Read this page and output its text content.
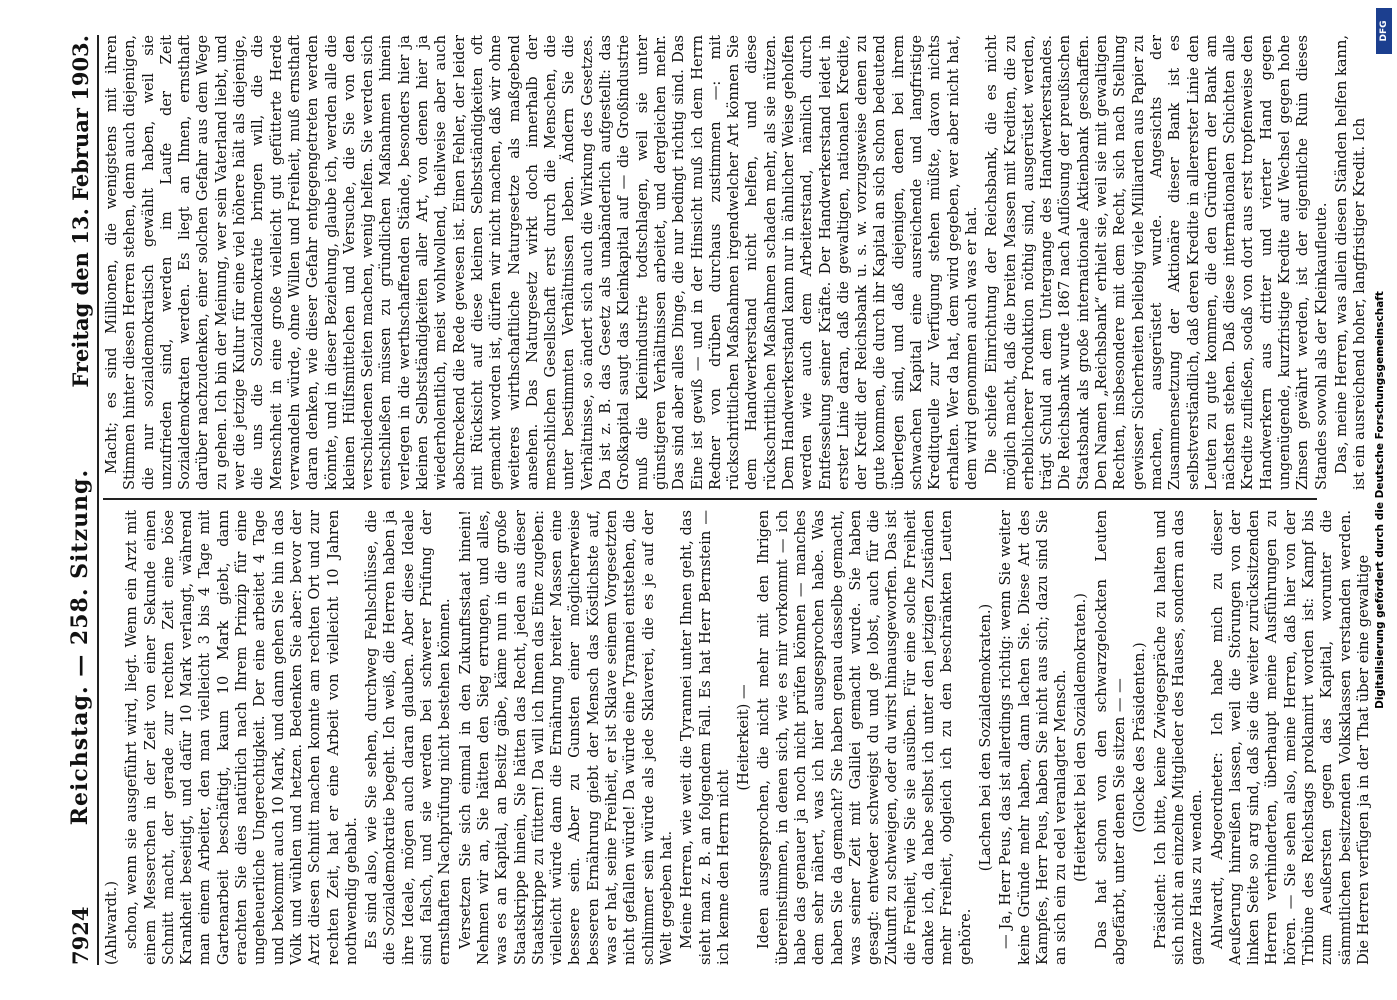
7924
Reichstag. — 258. Sitzung.
Freitag den 13. Februar 1903.

(Ahlwardt.) schon, wenn sie ausgeführt wird, liegt. Wenn ein Arzt mit einem Messerchen in der Zeit von einer Sekunde einen Schnitt macht, der gerade zur rechten Zeit eine böse Krankheit beseitigt, und dafür 10 Mark verlangt, während man einem Arbeiter, den man vielleicht 3 bis 4 Tage mit Gartenarbeit beschäftigt, kaum 10 Mark giebt, dann erachten Sie dies natürlich nach Ihrem Prinzip für eine ungeheuerliche Ungerechtigkeit. Der eine arbeitet 4 Tage und bekommt auch 10 Mark, und dann gehen Sie hin in das Volk und wühlen und hetzen. Bedenken Sie aber: bevor der Arzt diesen Schnitt machen konnte am rechten Ort und zur rechten Zeit, hat er eine Arbeit von vielleicht 10 Jahren nothwendig gehabt. Es sind also, wie Sie sehen, durchweg Fehlschlüsse, die die Sozialdemokratie begeht. Ich weiß, die Herren haben ja ihre Ideale, mögen auch daran glauben. Aber diese Ideale sind falsch, und sie werden bei schwerer Prüfung der ernsthaften Nachprüfung nicht bestehen können. Versetzen Sie sich einmal in den Zukunftsstaat hinein! Nehmen wir an, Sie hätten den Sieg errungen, und alles, was es an Kapital, an Besitz gäbe, käme nun in die große Staatskrippe hinein, Sie hätten das Recht, jeden aus dieser Staatskrippe zu füttern! Da will ich Ihnen das Eine zugeben: vielleicht würde dann die Ernährung breiter Massen eine bessere sein. Aber zu Gunsten einer möglicherweise besseren Ernährung giebt der Mensch das Köstlichste auf, was er hat, seine Freiheit, er ist Sklave seinem Vorgesetzten nicht gefallen würde! Da würde eine Tyrannei entstehen, die schlimmer sein würde als jede Sklaverei, die es je auf der Welt gegeben hat. Meine Herren, wie weit die Tyrannei unter Ihnen geht, das sieht man z. B. an folgendem Fall. Es hat Herr Bernstein — ich kenne den Herrn nicht

(Heiterkeit) — Ideen ausgesprochen, die nicht mehr mit den Ihrigen übereinstimmen, in denen sich, wie es mir vorkommt — ich habe das genauer ja noch nicht prüfen können — manches dem sehr nähert, was ich hier ausgesprochen habe. Was haben Sie da gemacht? Sie haben genau dasselbe gemacht, was seiner Zeit mit Galilei gemacht wurde. Sie haben gesagt: entweder schweigst du und ge lobst, auch für die Zukunft zu schweigen, oder du wirst hinausgeworfen. Das ist die Freiheit, wie Sie sie ausüben. Für eine solche Freiheit danke ich, da habe selbst ich unter den jetzigen Zuständen mehr Freiheit, obgleich ich zu den beschränkten Leuten gehöre.

(Lachen bei den Sozialdemokraten.) — Ja, Herr Peus, das ist allerdings richtig: wenn Sie weiter keine Gründe mehr haben, dann lachen Sie. Diese Art des Kampfes, Herr Peus, haben Sie nicht aus sich; dazu sind Sie an sich ein zu edel veranlagter Mensch. (Heiterkeit bei den Sozialdemokraten.) Das hat schon von den schwarzgelockten Leuten abgefärbt, unter denen Sie sitzen — — (Glocke des Präsidenten.) Präsident: Ich bitte, keine Zwiegespräche zu halten und sich nicht an einzelne Mitglieder des Hauses, sondern an das ganze Haus zu wenden. Ahlwardt, Abgeordneter: Ich habe mich zu dieser Aeußerung hinreißen lassen, weil die Störungen von der linken Seite so arg sind, daß sie die weiter zurücksitzenden Herren verhinderten, überhaupt meine Ausführungen zu hören. — Sie sehen also, meine Herren, daß hier von der Tribüne des Reichstags proklamirt worden ist: Kampf bis zum Aeußersten gegen das Kapital, worunter die sämmtlichen besitzenden Volksklassen verstanden werden. Die Herren verfügen ja in der That über eine gewaltige

Macht; es sind Millionen, die wenigstens mit ihren Stimmen hinter diesen Herren stehen, denn auch diejenigen, die nur sozialdemokratisch gewählt haben, weil sie unzufrieden sind, werden im Laufe der Zeit Sozialdemokraten werden. Es liegt an Ihnen, ernsthaft darüber nachzudenken, einer solchen Gefahr aus dem Wege zu gehen. Ich bin der Meinung, wer sein Vaterland liebt, und wer die jetzige Kultur für eine viel höhere hält als diejenige, die uns die Sozialdemokratie bringen will, die die Menschheit in eine große vielleicht gut gefütterte Herde verwandeln würde, ohne Willen und Freiheit, muß ernsthaft daran denken, wie dieser Gefahr entgegengetreten werden könnte, und in dieser Beziehung, glaube ich, werden alle die kleinen Hülfsmittelchen und Versuche, die Sie von den verschiedenen Seiten machen, wenig helfen. Sie werden sich entschließen müssen zu gründlichen Maßnahmen hinein verlegen in die werthschaffenden Stände, besonders hier ja kleinen Selbstständigkeiten aller Art, von denen hier ja wiederholentlich, meist wohlwollend, theilweise aber auch abschreckend die Rede gewesen ist. Einen Fehler, der leider mit Rücksicht auf diese kleinen Selbstständigkeiten oft gemacht worden ist, dürfen wir nicht machen, daß wir ohne weiteres wirthschaftliche Naturgesetze als maßgebend ansehen. Das Naturgesetz wirkt doch innerhalb der menschlichen Gesellschaft erst durch die Menschen, die unter bestimmten Verhältnissen leben. Ändern Sie die Verhältnisse, so ändert sich auch die Wirkung des Gesetzes. Da ist z. B. das Gesetz als unabänderlich aufgestellt: das Großkapital saugt das Kleinkapital auf — die Großindustrie muß die Kleinindustrie todtschlagen, weil sie unter günstigeren Verhältnissen arbeitet, und dergleichen mehr. Das sind aber alles Dinge, die nur bedingt richtig sind. Das Eine ist gewiß — und in der Hinsicht muß ich dem Herrn Redner von drüben durchaus zustimmen —: mit rückschrittlichen Maßnahmen irgendwelcher Art können Sie dem Handwerkerstand nicht helfen, und diese rückschrittlichen Maßnahmen schaden mehr, als sie nützen. Dem Handwerkerstand kann nur in ähnlicher Weise geholfen werden wie auch dem Arbeiterstand, nämlich durch Entfesselung seiner Kräfte. Der Handwerkerstand leidet in erster Linie daran, daß die gewaltigen, nationalen Kredite, der Kredit der Reichsbank u. s. w. vorzugsweise denen zu gute kommen, die durch ihr Kapital an sich schon bedeutend überlegen sind, und daß diejenigen, denen bei ihrem schwachen Kapital eine ausreichende und langfristige Kreditquelle zur Verfügung stehen müßte, davon nichts erhalten. Wer da hat, dem wird gegeben, wer aber nicht hat, dem wird genommen auch was er hat. Die schiefe Einrichtung der Reichsbank, die es nicht möglich macht, daß die breiten Massen mit Krediten, die zu erheblicherer Produktion nöthig sind, ausgerüstet werden, trägt Schuld an dem Untergange des Handwerkerstandes. Die Reichsbank wurde 1867 nach Auflösung der preußischen Staatsbank als große internationale Aktienbank geschaffen. Den Namen „Reichsbank“ erhielt sie, weil sie mit gewaltigen Rechten, insbesondere mit dem Recht, sich nach Stellung gewisser Sicherheiten beliebig viele Milliarden aus Papier zu machen, ausgerüstet wurde. Angesichts der Zusammensetzung der Aktionäre dieser Bank ist es selbstverständlich, daß deren Kredite in allererster Linie den Leuten zu gute kommen, die den Gründern der Bank am nächsten stehen. Daß diese internationalen Schichten alle Kredite zufließen, sodaß von dort aus erst tropfenweise den Handwerkern aus dritter und vierter Hand gegen ungenügende, kurzfristige Kredite auf Wechsel gegen hohe Zinsen gewährt werden, ist der eigentliche Ruin dieses Standes sowohl als der Kleinkaufleute. Das, meine Herren, was allein diesen Ständen helfen kann, ist ein ausreichend hoher, langfristiger Kredit. Ich Digitalisierung gefördert durch die Deutsche Forschungsgemeinschaft
DFG
